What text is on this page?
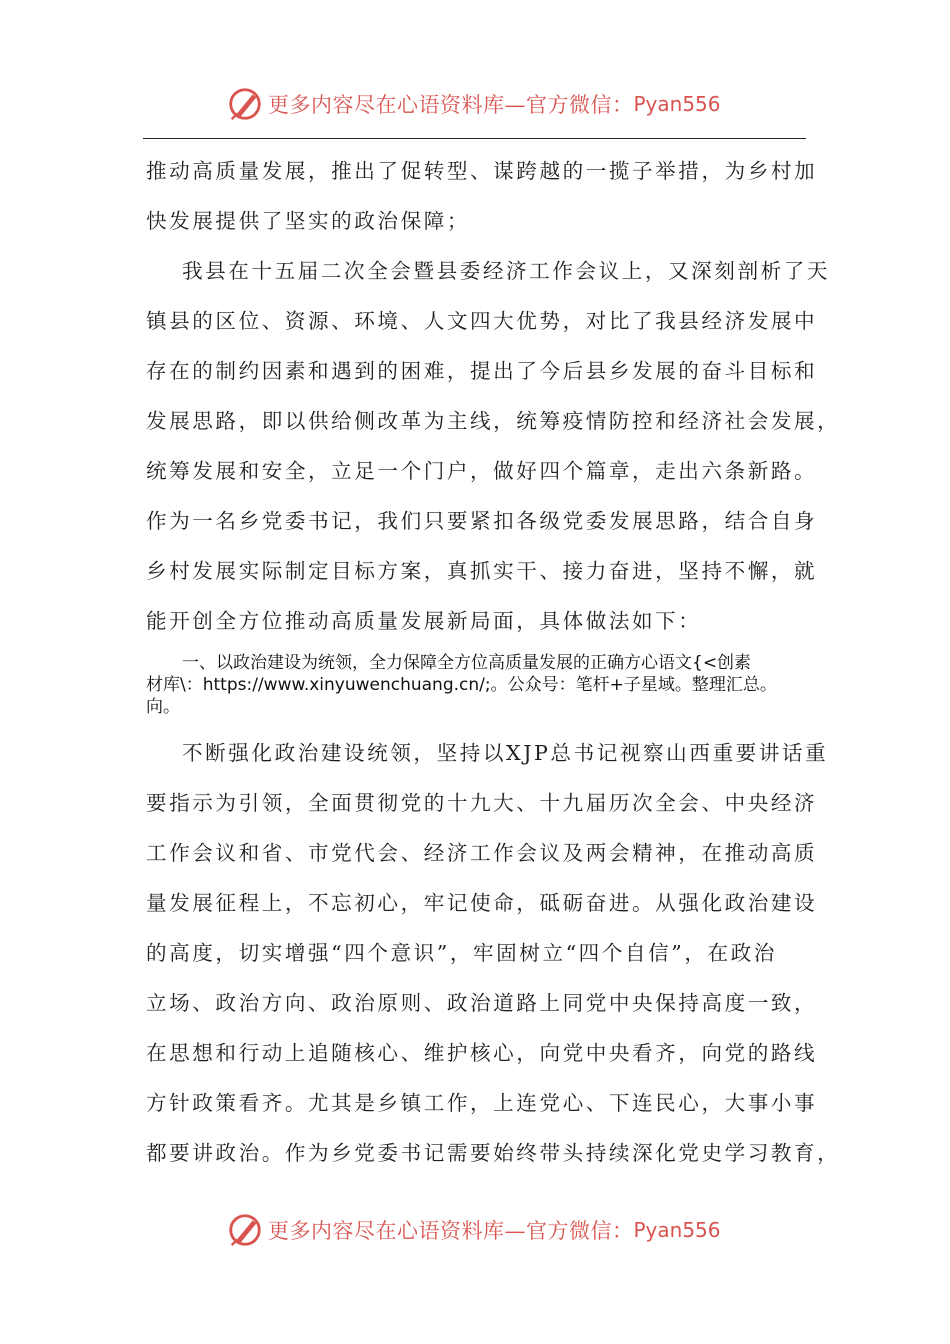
更多内容尽在心语资料库—官方微信： Pyan556
推动高质量发展，推出了促转型、谋跨越的一揽子举措，为乡村加
快发展提供了坚实的政治保障；
我县在十五届二次全会暨县委经济工作会议上，又深刻剖析了天
镇县的区位、资源、环境、人文四大优势，对比了我县经济发展中
存在的制约因素和遇到的困难，提出了今后县乡发展的奋斗目标和
发展思路，即以供给侧改革为主线，统筹疫情防控和经济社会发展，
统筹发展和安全，立足一个门户，做好四个篇章，走出六条新路。
作为一名乡党委书记，我们只要紧扣各级党委发展思路，结合自身
乡村发展实际制定目标方案，真抓实干、接力奋进，坚持不懈，就
能开创全方位推动高质量发展新局面，具体做法如下：

一、以政治建设为统领，全力保障全方位高质量发展的正确方心语文{<创素

材库\：https://www.xinyuwenchuang.cn/;。公众号：笔杆+子星域。整理汇总。

向。

不断强化政治建设统领，坚持以XJP总书记视察山西重要讲话重
要指示为引领，全面贯彻党的十九大、十九届历次全会、中央经济
工作会议和省、市党代会、经济工作会议及两会精神，在推动高质
量发展征程上，不忘初心，牢记使命，砥砺奋进。从强化政治建设
的高度，切实增强“四个意识”，牢固树立“四个自信”，在政治
立场、政治方向、政治原则、政治道路上同党中央保持高度一致，
在思想和行动上追随核心、维护核心，向党中央看齐，向党的路线
方针政策看齐。尤其是乡镇工作，上连党心、下连民心，大事小事
都要讲政治。作为乡党委书记需要始终带头持续深化党史学习教育，
更多内容尽在心语资料库—官方微信： Pyan556
